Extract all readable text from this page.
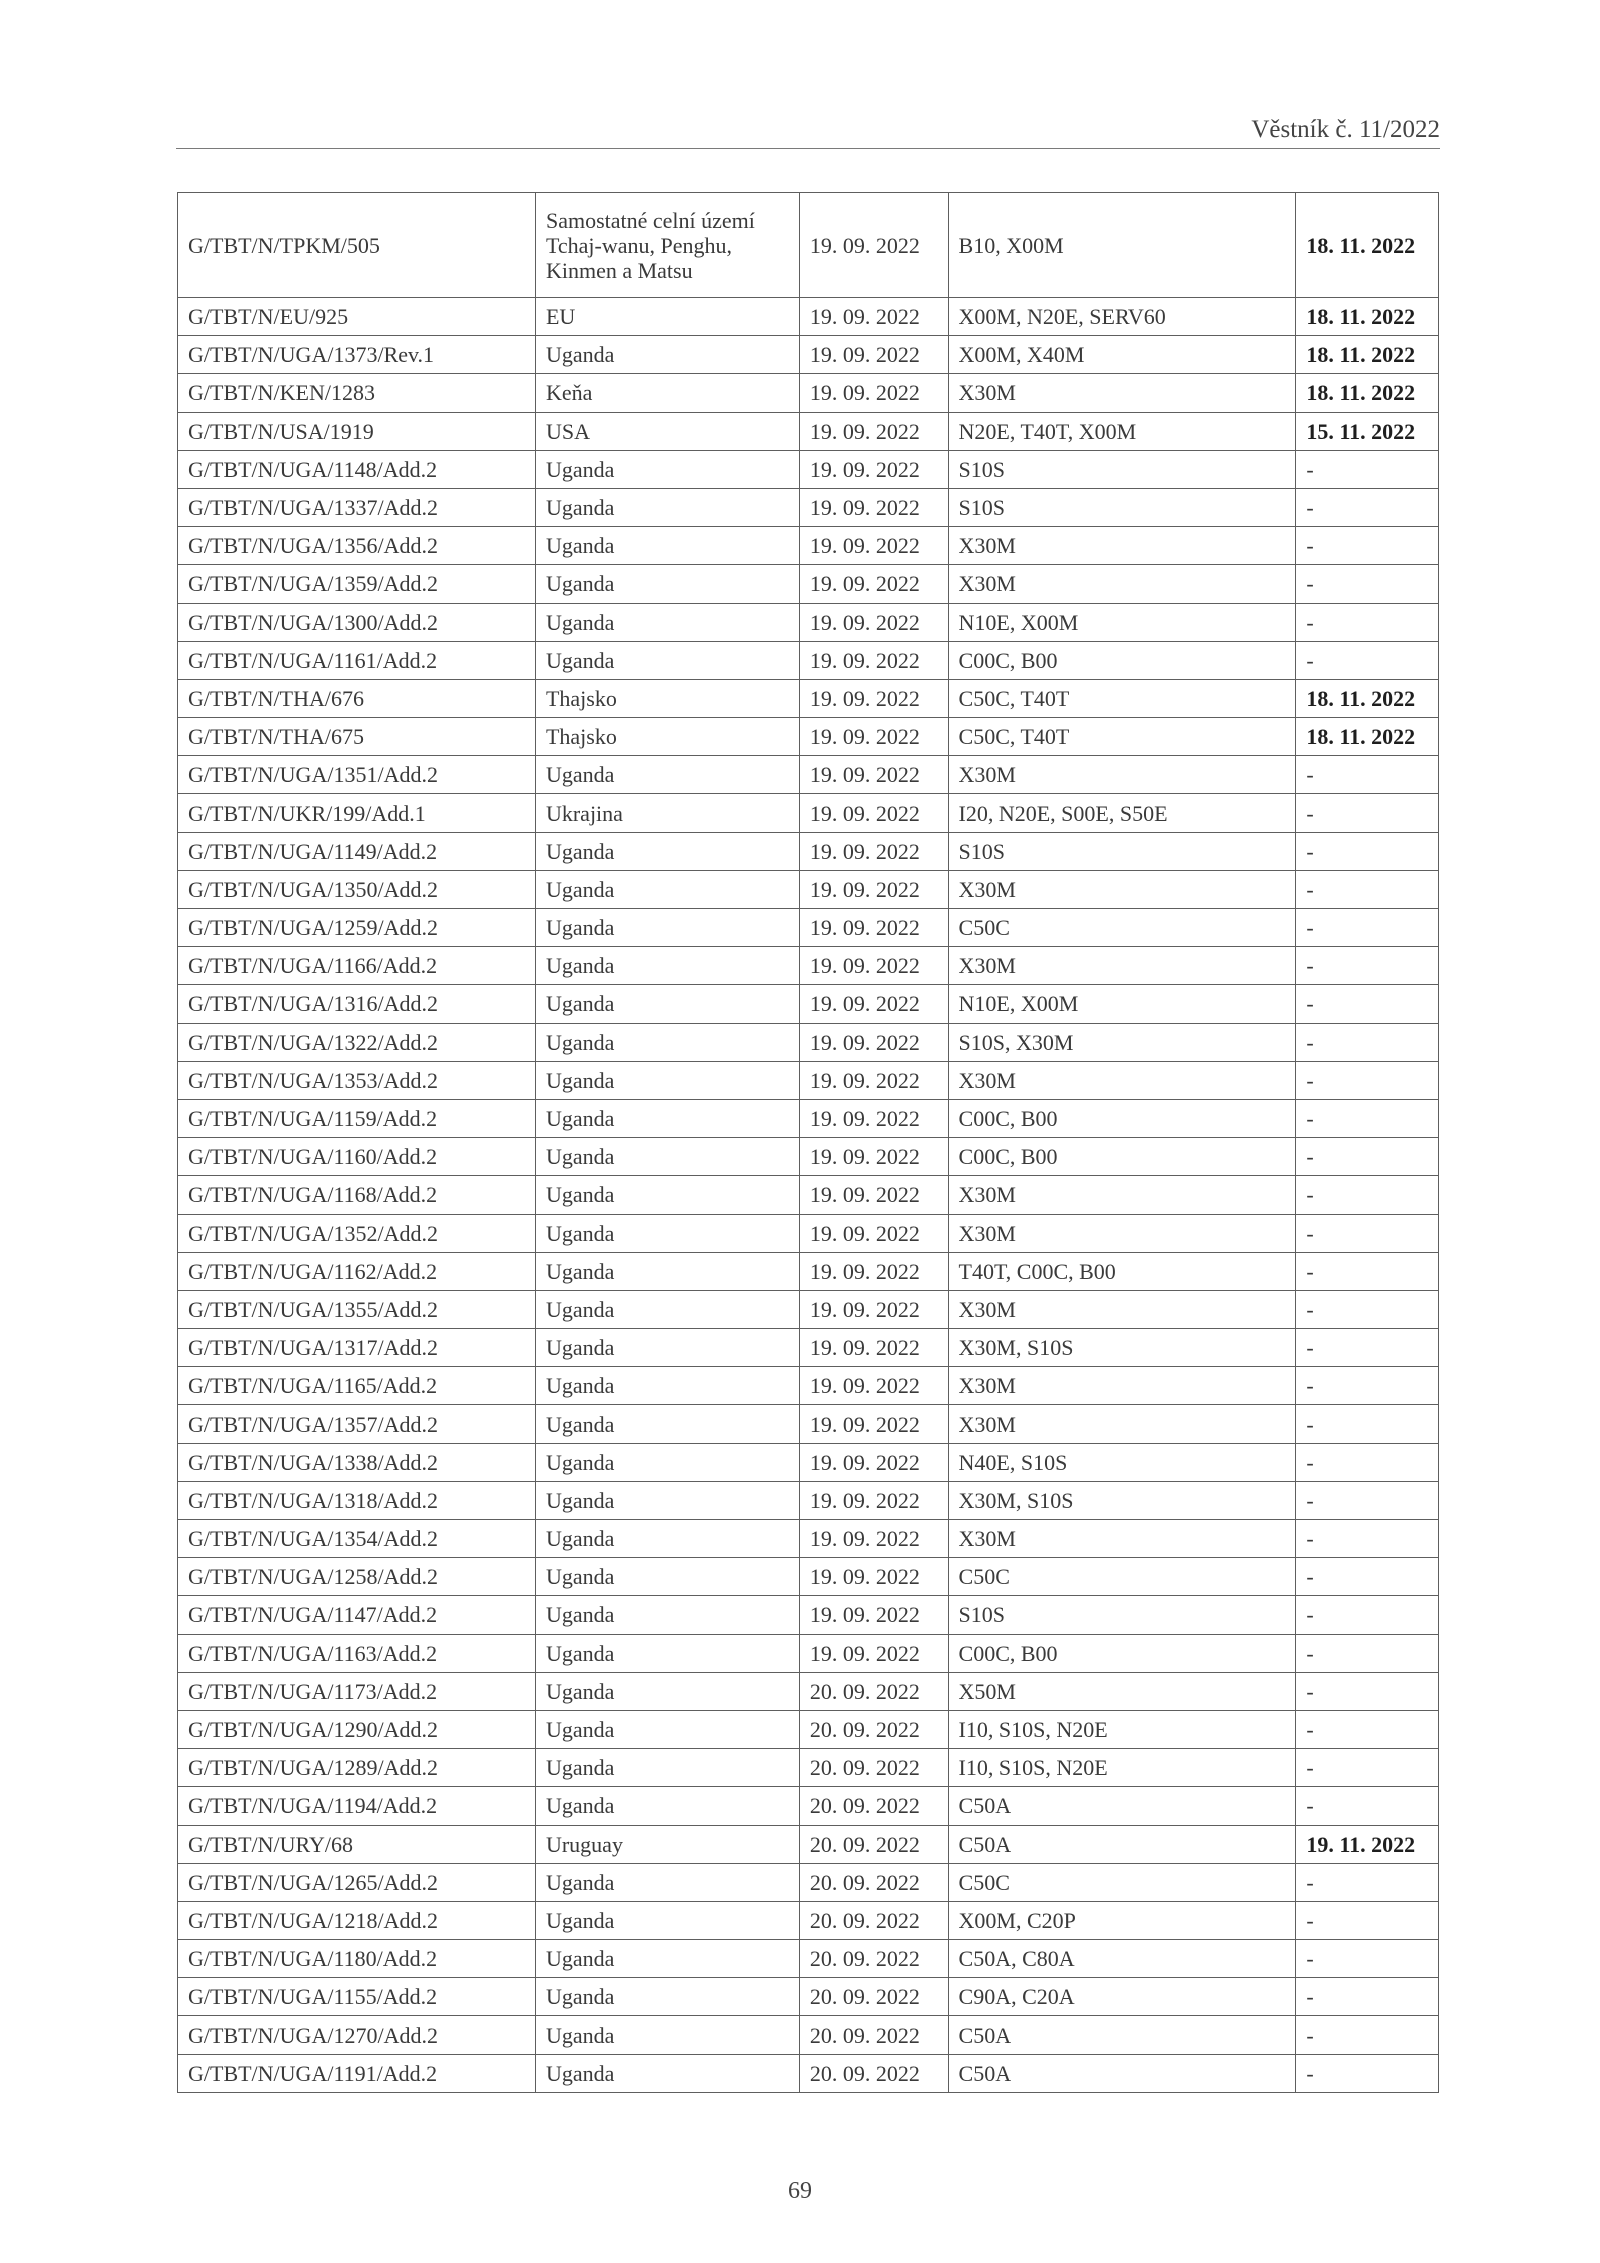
Věstník č. 11/2022
G/TBT/N/TPKM/505	Samostatné celní území Tchaj-wanu, Penghu, Kinmen a Matsu	19. 09. 2022	B10, X00M	18. 11. 2022
G/TBT/N/EU/925	EU	19. 09. 2022	X00M, N20E, SERV60	18. 11. 2022
G/TBT/N/UGA/1373/Rev.1	Uganda	19. 09. 2022	X00M, X40M	18. 11. 2022
G/TBT/N/KEN/1283	Keňa	19. 09. 2022	X30M	18. 11. 2022
G/TBT/N/USA/1919	USA	19. 09. 2022	N20E, T40T, X00M	15. 11. 2022
G/TBT/N/UGA/1148/Add.2	Uganda	19. 09. 2022	S10S	-
G/TBT/N/UGA/1337/Add.2	Uganda	19. 09. 2022	S10S	-
G/TBT/N/UGA/1356/Add.2	Uganda	19. 09. 2022	X30M	-
G/TBT/N/UGA/1359/Add.2	Uganda	19. 09. 2022	X30M	-
G/TBT/N/UGA/1300/Add.2	Uganda	19. 09. 2022	N10E, X00M	-
G/TBT/N/UGA/1161/Add.2	Uganda	19. 09. 2022	C00C, B00	-
G/TBT/N/THA/676	Thajsko	19. 09. 2022	C50C, T40T	18. 11. 2022
G/TBT/N/THA/675	Thajsko	19. 09. 2022	C50C, T40T	18. 11. 2022
G/TBT/N/UGA/1351/Add.2	Uganda	19. 09. 2022	X30M	-
G/TBT/N/UKR/199/Add.1	Ukrajina	19. 09. 2022	I20, N20E, S00E, S50E	-
G/TBT/N/UGA/1149/Add.2	Uganda	19. 09. 2022	S10S	-
G/TBT/N/UGA/1350/Add.2	Uganda	19. 09. 2022	X30M	-
G/TBT/N/UGA/1259/Add.2	Uganda	19. 09. 2022	C50C	-
G/TBT/N/UGA/1166/Add.2	Uganda	19. 09. 2022	X30M	-
G/TBT/N/UGA/1316/Add.2	Uganda	19. 09. 2022	N10E, X00M	-
G/TBT/N/UGA/1322/Add.2	Uganda	19. 09. 2022	S10S, X30M	-
G/TBT/N/UGA/1353/Add.2	Uganda	19. 09. 2022	X30M	-
G/TBT/N/UGA/1159/Add.2	Uganda	19. 09. 2022	C00C, B00	-
G/TBT/N/UGA/1160/Add.2	Uganda	19. 09. 2022	C00C, B00	-
G/TBT/N/UGA/1168/Add.2	Uganda	19. 09. 2022	X30M	-
G/TBT/N/UGA/1352/Add.2	Uganda	19. 09. 2022	X30M	-
G/TBT/N/UGA/1162/Add.2	Uganda	19. 09. 2022	T40T, C00C, B00	-
G/TBT/N/UGA/1355/Add.2	Uganda	19. 09. 2022	X30M	-
G/TBT/N/UGA/1317/Add.2	Uganda	19. 09. 2022	X30M, S10S	-
G/TBT/N/UGA/1165/Add.2	Uganda	19. 09. 2022	X30M	-
G/TBT/N/UGA/1357/Add.2	Uganda	19. 09. 2022	X30M	-
G/TBT/N/UGA/1338/Add.2	Uganda	19. 09. 2022	N40E, S10S	-
G/TBT/N/UGA/1318/Add.2	Uganda	19. 09. 2022	X30M, S10S	-
G/TBT/N/UGA/1354/Add.2	Uganda	19. 09. 2022	X30M	-
G/TBT/N/UGA/1258/Add.2	Uganda	19. 09. 2022	C50C	-
G/TBT/N/UGA/1147/Add.2	Uganda	19. 09. 2022	S10S	-
G/TBT/N/UGA/1163/Add.2	Uganda	19. 09. 2022	C00C, B00	-
G/TBT/N/UGA/1173/Add.2	Uganda	20. 09. 2022	X50M	-
G/TBT/N/UGA/1290/Add.2	Uganda	20. 09. 2022	I10, S10S, N20E	-
G/TBT/N/UGA/1289/Add.2	Uganda	20. 09. 2022	I10, S10S, N20E	-
G/TBT/N/UGA/1194/Add.2	Uganda	20. 09. 2022	C50A	-
G/TBT/N/URY/68	Uruguay	20. 09. 2022	C50A	19. 11. 2022
G/TBT/N/UGA/1265/Add.2	Uganda	20. 09. 2022	C50C	-
G/TBT/N/UGA/1218/Add.2	Uganda	20. 09. 2022	X00M, C20P	-
G/TBT/N/UGA/1180/Add.2	Uganda	20. 09. 2022	C50A, C80A	-
G/TBT/N/UGA/1155/Add.2	Uganda	20. 09. 2022	C90A, C20A	-
G/TBT/N/UGA/1270/Add.2	Uganda	20. 09. 2022	C50A	-
G/TBT/N/UGA/1191/Add.2	Uganda	20. 09. 2022	C50A	-
69
